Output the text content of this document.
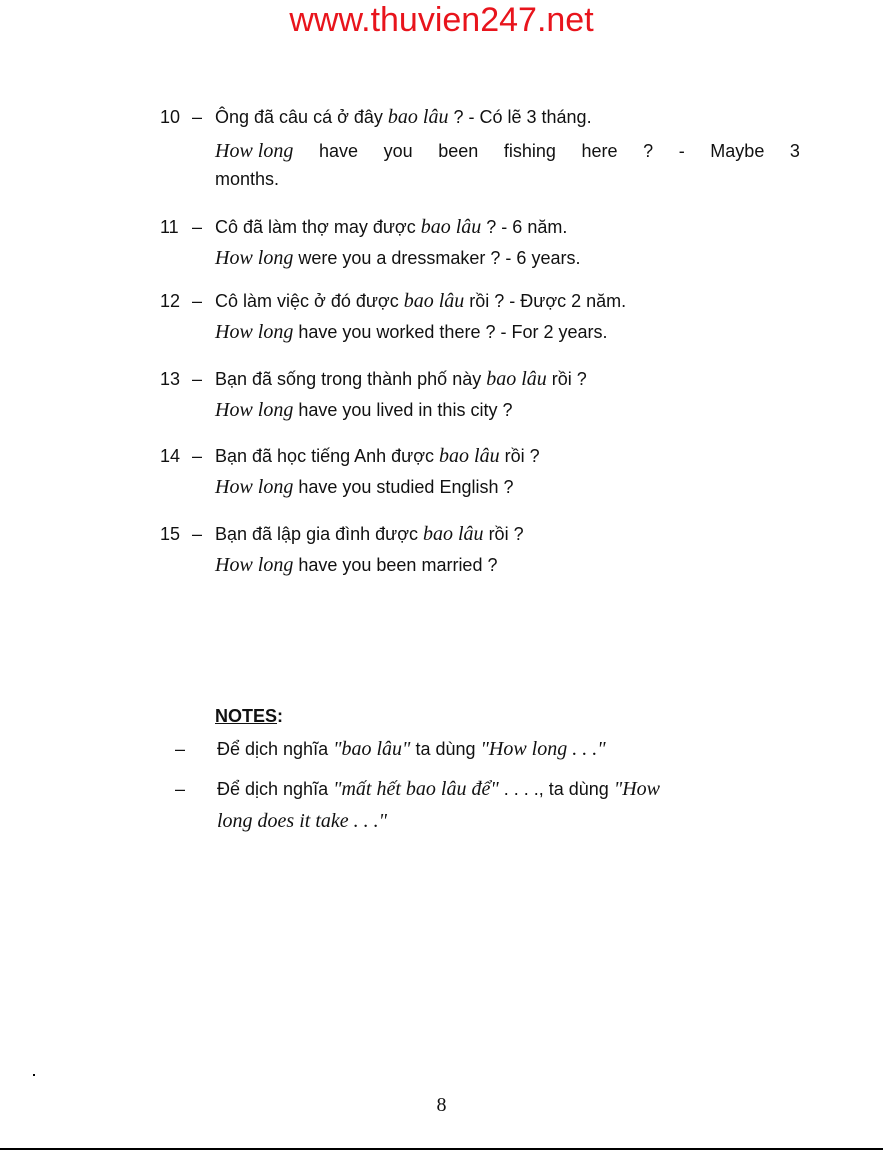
www.thuvien247.net
10 – Ông đã câu cá ở đây bao lâu ? - Có lẽ 3 tháng.
How long have you been fishing here ? - Maybe 3
months.
11 – Cô đã làm thợ may được bao lâu ? - 6 năm.
How long were you a dressmaker ? - 6 years.
12 – Cô làm việc ở đó được bao lâu rồi ? - Được 2 năm.
How long have you worked there ? - For 2 years.
13 – Bạn đã sống trong thành phố này bao lâu rồi ?
How long have you lived in this city ?
14 – Bạn đã học tiếng Anh được bao lâu rồi ?
How long have you studied English ?
15 – Bạn đã lập gia đình được bao lâu rồi ?
How long have you been married ?
NOTES:
– Để dịch nghĩa "bao lâu" ta dùng "How long . . ."
– Để dịch nghĩa "mất hết bao lâu để" . . . ., ta dùng "How
long does it take . . ."
8
